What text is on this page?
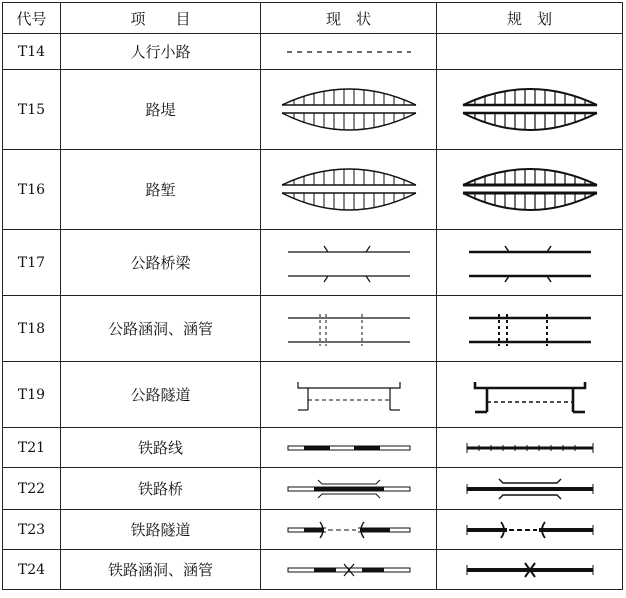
代号	项　　目	现　状	规　划
T14	人行小路	

T15	路堤	

T16	路堑	

T17	公路桥梁	

T18	公路涵洞、涵管	

T19	公路隧道	

T21	铁路线	

T22	铁路桥	

T23	铁路隧道	

T24	铁路涵洞、涵管	
